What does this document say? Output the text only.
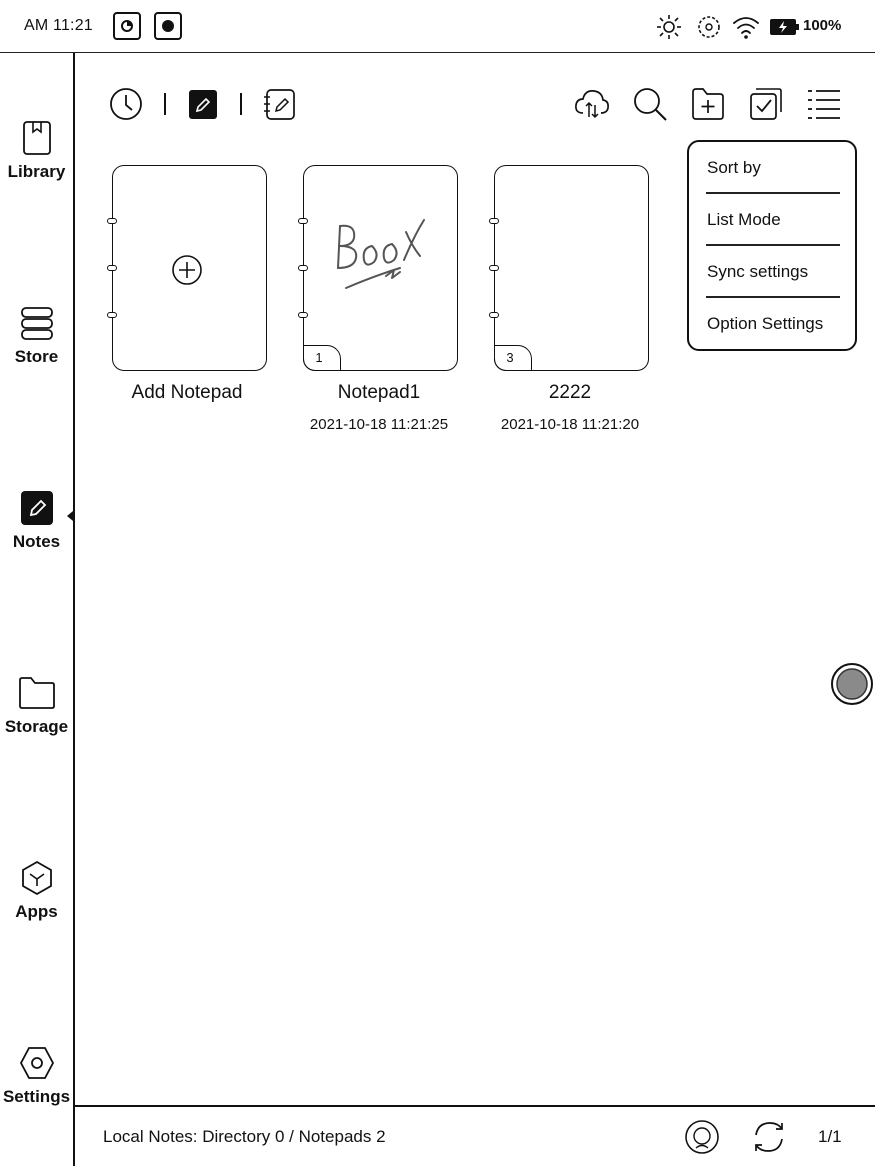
AM 11:21	100%
Library
Store
Notes
Storage
Apps
Settings
Add Notepad
1
Notepad1
2021-10-18 11:21:25
3
2222
2021-10-18 11:21:20
Sort by
List Mode
Sync settings
Option Settings
Local Notes: Directory 0 / Notepads 2	1/1
